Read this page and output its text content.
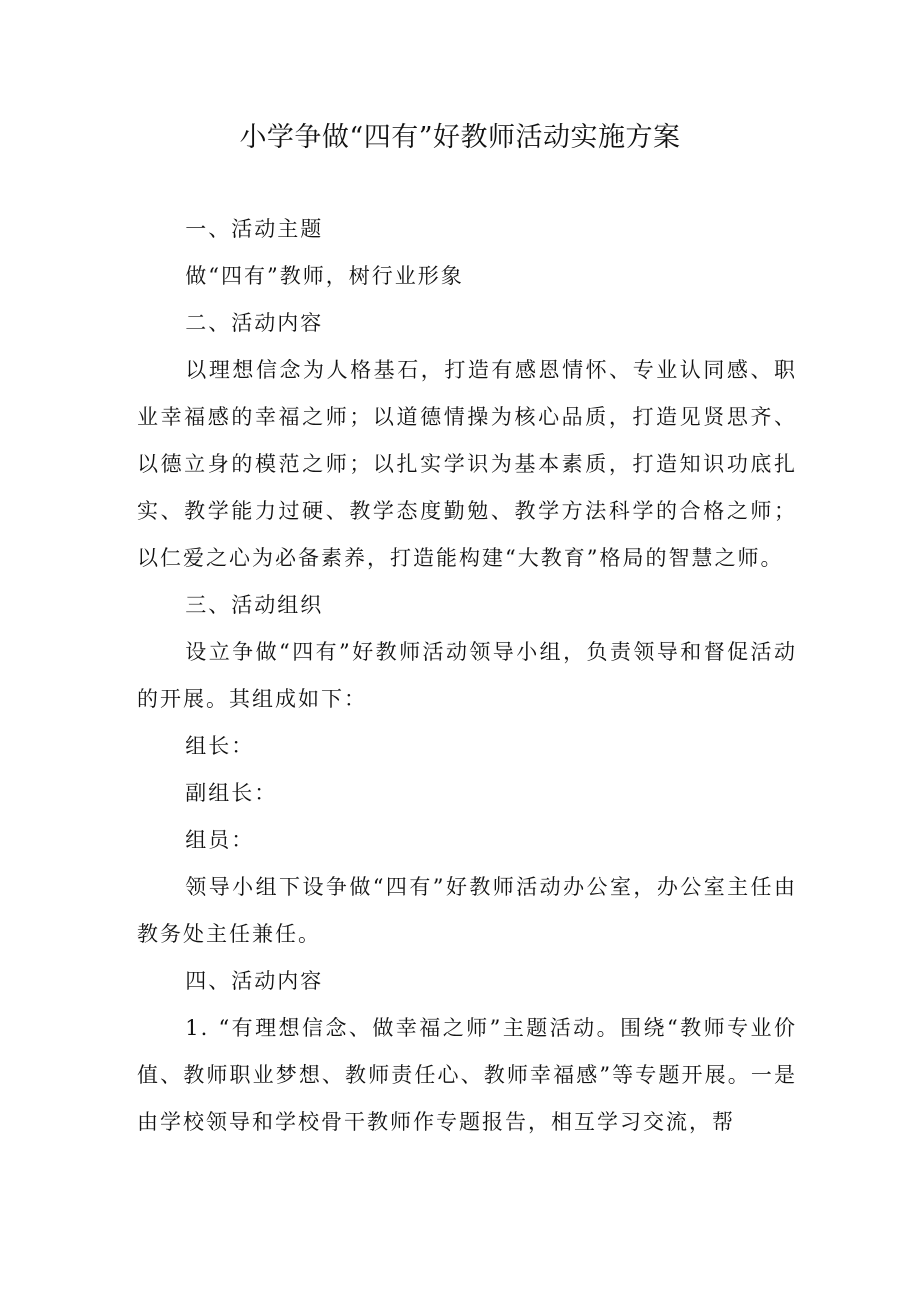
小学争做“四有”好教师活动实施方案

一、活动主题

做“四有”教师，树行业形象

二、活动内容

以理想信念为人格基石，打造有感恩情怀、专业认同感、职业幸福感的幸福之师；以道德情操为核心品质，打造见贤思齐、以德立身的模范之师；以扎实学识为基本素质，打造知识功底扎实、教学能力过硬、教学态度勤勉、教学方法科学的合格之师；以仁爱之心为必备素养，打造能构建“大教育”格局的智慧之师。

三、活动组织

设立争做“四有”好教师活动领导小组，负责领导和督促活动的开展。其组成如下：

组长：

副组长：

组员：

领导小组下设争做“四有”好教师活动办公室，办公室主任由教务处主任兼任。

四、活动内容

1. “有理想信念、做幸福之师”主题活动。围绕“教师专业价值、教师职业梦想、教师责任心、教师幸福感”等专题开展。一是由学校领导和学校骨干教师作专题报告，相互学习交流，帮
